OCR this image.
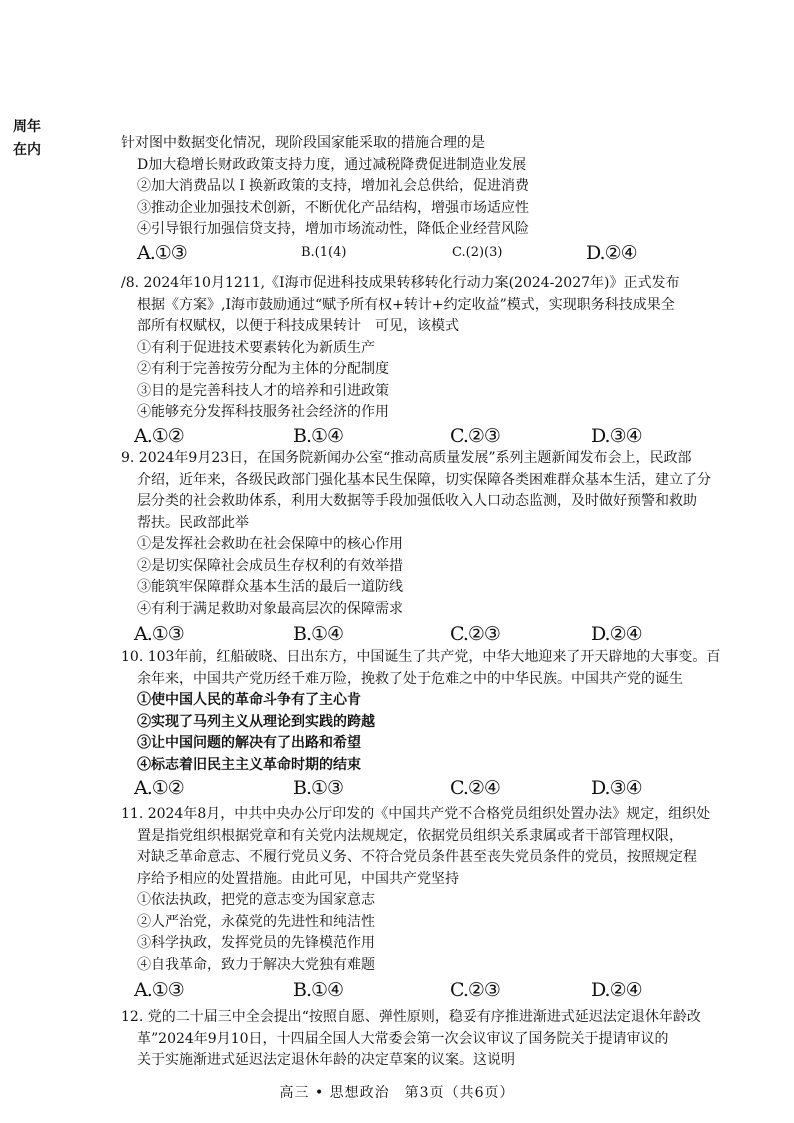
周年
在内	针对图中数据变化情况，现阶段国家能采取的措施合理的是
D加大稳增长财政政策支持力度，通过减税降费促进制造业发展
②加大消费品以Ｉ换新政策的支持，增加礼会总供给，促进消费
③推动企业加强技术创新，不断优化产品结构，增强市场适应性
④引导银行加强信贷支持，增加市场流动性，降低企业经营风险
A.①③	B.(1(4)	C.(2)(3)	D.②④
/8. 2024年10月1211,《I海市促进科技成果转移转化行动力案(2024-2027年)》正式发布
根据《方案》,I海市鼓励通过“赋予所有权+转计+约定收益”模式，实现职务科技成果全
部所有权赋权，以便于科技成果转计　可见，该模式
①有利于促进技术要素转化为新质生产
②有利于完善按劳分配为主体的分配制度
③目的是完善科技人才的培养和引进政策
④能够充分发挥科技服务社会经济的作用
A.①②	B.①④	C.②③	D.③④
9. 2024年9月23日，在国务院新闻办公室“推动高质量发展”系列主题新闻发布会上，民政部
介绍，近年来，各级民政部门强化基本民生保障，切实保障各类困难群众基本生活，建立了分
层分类的社会救助体系，利用大数据等手段加强低收入人口动态监测，及时做好预警和救助
帮扶。民政部此举
①是发挥社会救助在社会保障中的核心作用
②是切实保障社会成员生存权利的有效举措
③能筑牢保障群众基本生活的最后一道防线
④有利于满足救助对象最高层次的保障需求
A.①③	B.①④	C.②③	D.②④
10. 103年前，红船破晓、日出东方，中国诞生了共产党，中华大地迎来了开天辟地的大事变。百
余年来，中国共产党历经千难万险，挽救了处于危难之中的中华民族。中国共产党的诞生
①使中国人民的革命斗争有了主心肯
②实现了马列主义从理论到实践的跨越
③让中国问题的解决有了出路和希望
④标志着旧民主主义革命时期的结束
A.①②	B.①③	C.②④	D.③④
11. 2024年8月，中共中央办公厅印发的《中国共产党不合格党员组织处置办法》规定，组织处
置是指党组织根据党章和有关党内法规规定，依据党员组织关系隶属或者干部管理权限，
对缺乏革命意志、不履行党员义务、不符合党员条件甚至丧失党员条件的党员，按照规定程
序给予相应的处置措施。由此可见，中国共产党坚持
①依法执政，把党的意志变为国家意志
②人严治党，永葆党的先进性和纯洁性
③科学执政，发挥党员的先锋模范作用
④自我革命，致力于解决大党独有难题
A.①③	B.①④	C.②③	D.②④
12. 党的二十届三中全会提出“按照自愿、弹性原则，稳妥有序推进渐进式延迟法定退休年龄改
革”2024年9月10日，十四届全国人大常委会第一次会议审议了国务院关于提请审议的
关于实施渐进式延迟法定退休年龄的决定草案的议案。这说明
高三 • 思想政治　第3页（共6页）
